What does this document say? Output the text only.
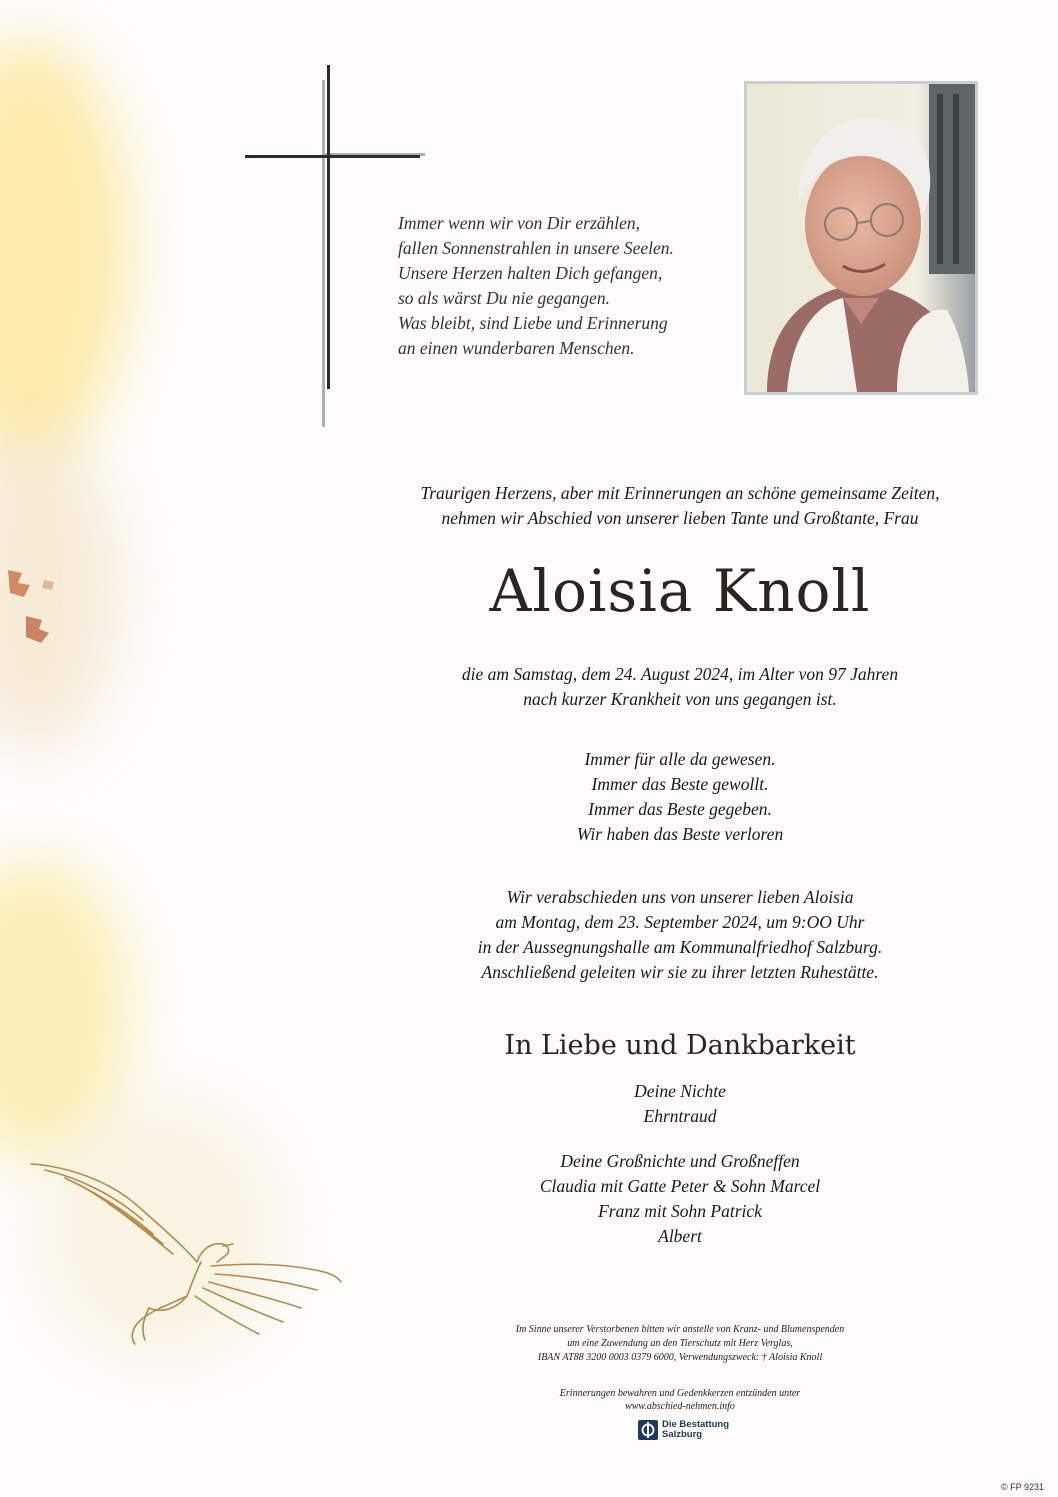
Immer wenn wir von Dir erzählen,
fallen Sonnenstrahlen in unsere Seelen.
Unsere Herzen halten Dich gefangen,
so als wärst Du nie gegangen.
Was bleibt, sind Liebe und Erinnerung
an einen wunderbaren Menschen.
Traurigen Herzens, aber mit Erinnerungen an schöne gemeinsame Zeiten,
nehmen wir Abschied von unserer lieben Tante und Großtante, Frau
Aloisia Knoll
die am Samstag, dem 24. August 2024, im Alter von 97 Jahren
nach kurzer Krankheit von uns gegangen ist.
Immer für alle da gewesen.
Immer das Beste gewollt.
Immer das Beste gegeben.
Wir haben das Beste verloren
Wir verabschieden uns von unserer lieben Aloisia
am Montag, dem 23. September 2024, um 9:OO Uhr
in der Aussegnungshalle am Kommunalfriedhof Salzburg.
Anschließend geleiten wir sie zu ihrer letzten Ruhestätte.
In Liebe und Dankbarkeit
Deine Nichte
Ehrntraud
Deine Großnichte und Großneffen
Claudia mit Gatte Peter & Sohn Marcel
Franz mit Sohn Patrick
Albert
Im Sinne unserer Verstorbenen bitten wir anstelle von Kranz- und Blumenspenden
um eine Zuwendung an den Tierschutz mit Herz Verglas,
IBAN AT88 3200 0003 0379 6000, Verwendungszweck: † Aloisia Knoll
Erinnerungen bewahren und Gedenkkerzen entzünden unter
www.abschied-nehmen.info
Die Bestattung
Salzburg
© FP 9231
